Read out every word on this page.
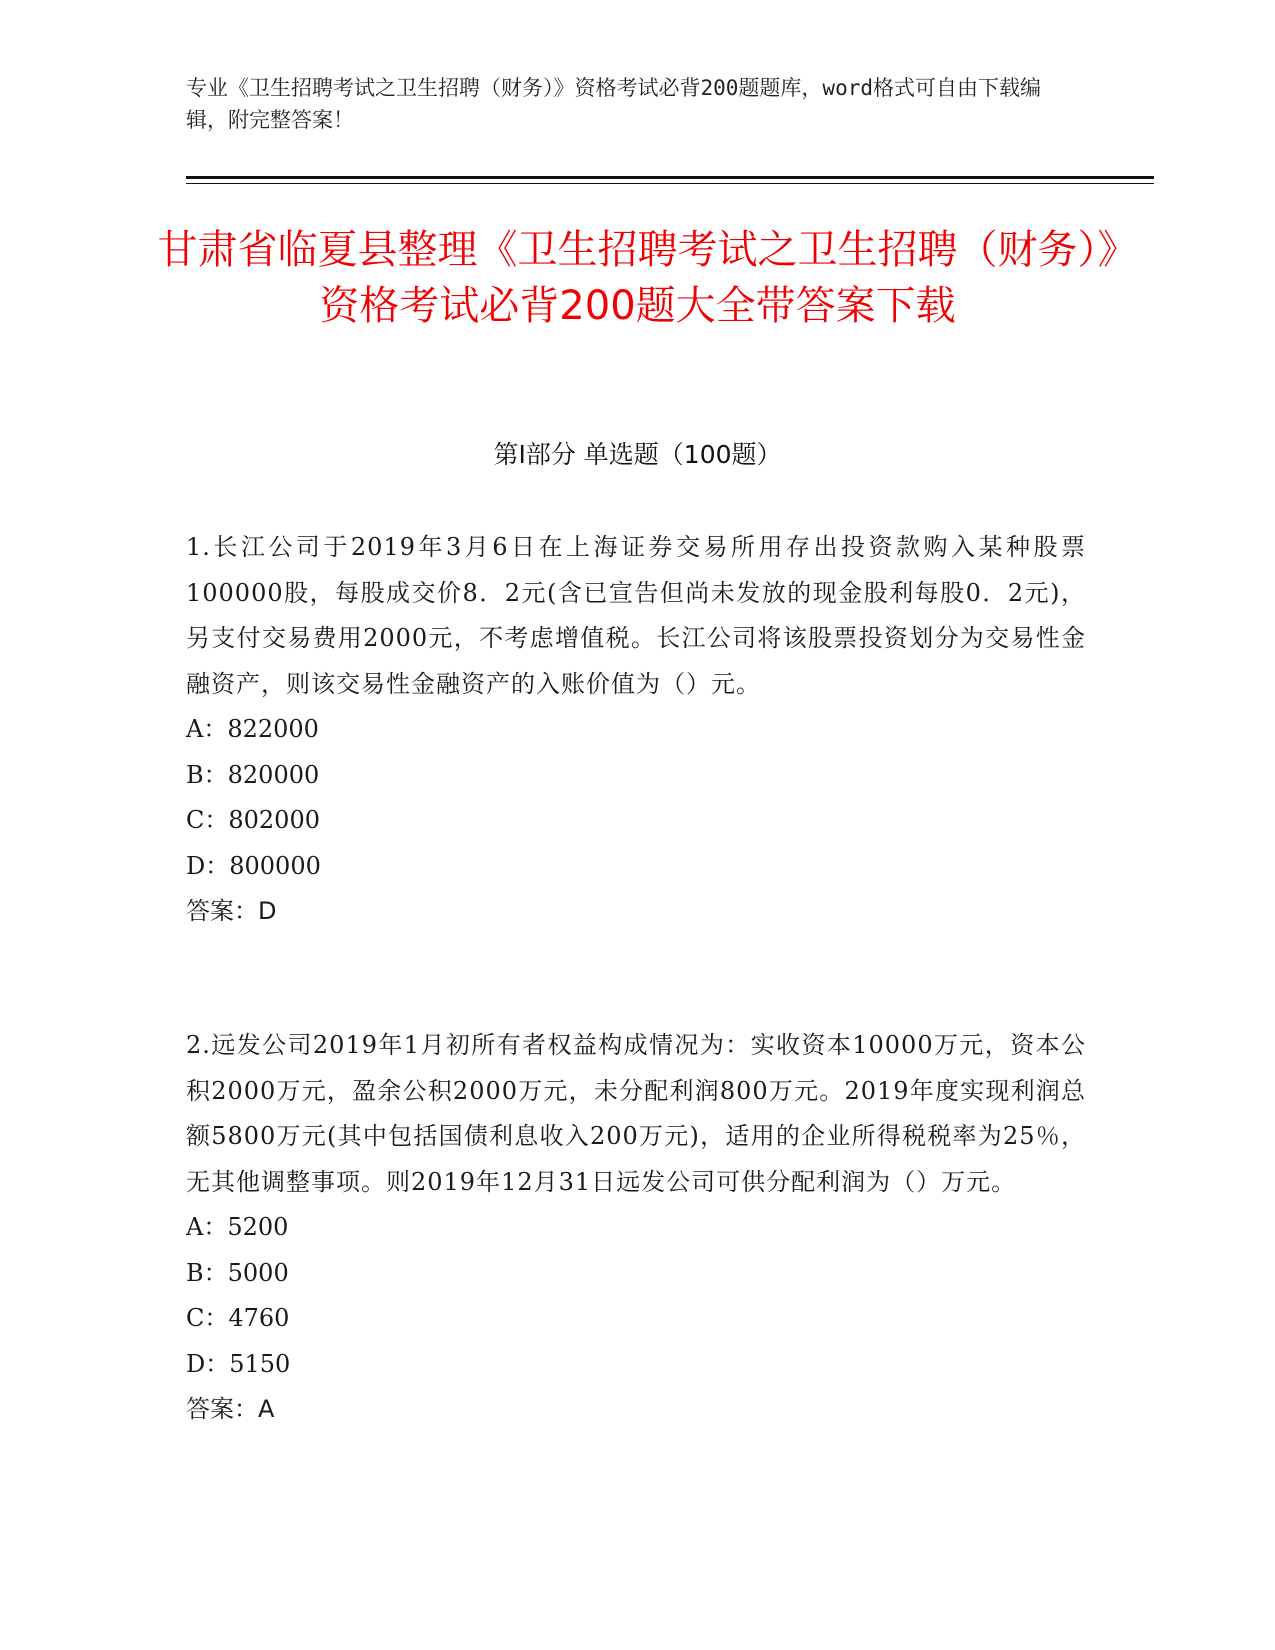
专业《卫生招聘考试之卫生招聘（财务）》资格考试必背200题题库，word格式可自由下载编辑，附完整答案！
甘肃省临夏县整理《卫生招聘考试之卫生招聘（财务）》资格考试必背200题大全带答案下载
第Ⅰ部分 单选题（100题）

1.长江公司于2019年3月6日在上海证券交易所用存出投资款购入某种股票100000股，每股成交价8．2元(含已宣告但尚未发放的现金股利每股0．2元)，另支付交易费用2000元，不考虑增值税。长江公司将该股票投资划分为交易性金融资产，则该交易性金融资产的入账价值为（）元。

A：822000

B：820000

C：802000

D：800000

答案：D

2.远发公司2019年1月初所有者权益构成情况为：实收资本10000万元，资本公积2000万元，盈余公积2000万元，未分配利润800万元。2019年度实现利润总额5800万元(其中包括国债利息收入200万元)，适用的企业所得税税率为25％，无其他调整事项。则2019年12月31日远发公司可供分配利润为（）万元。

A：5200

B：5000

C：4760

D：5150

答案：A
